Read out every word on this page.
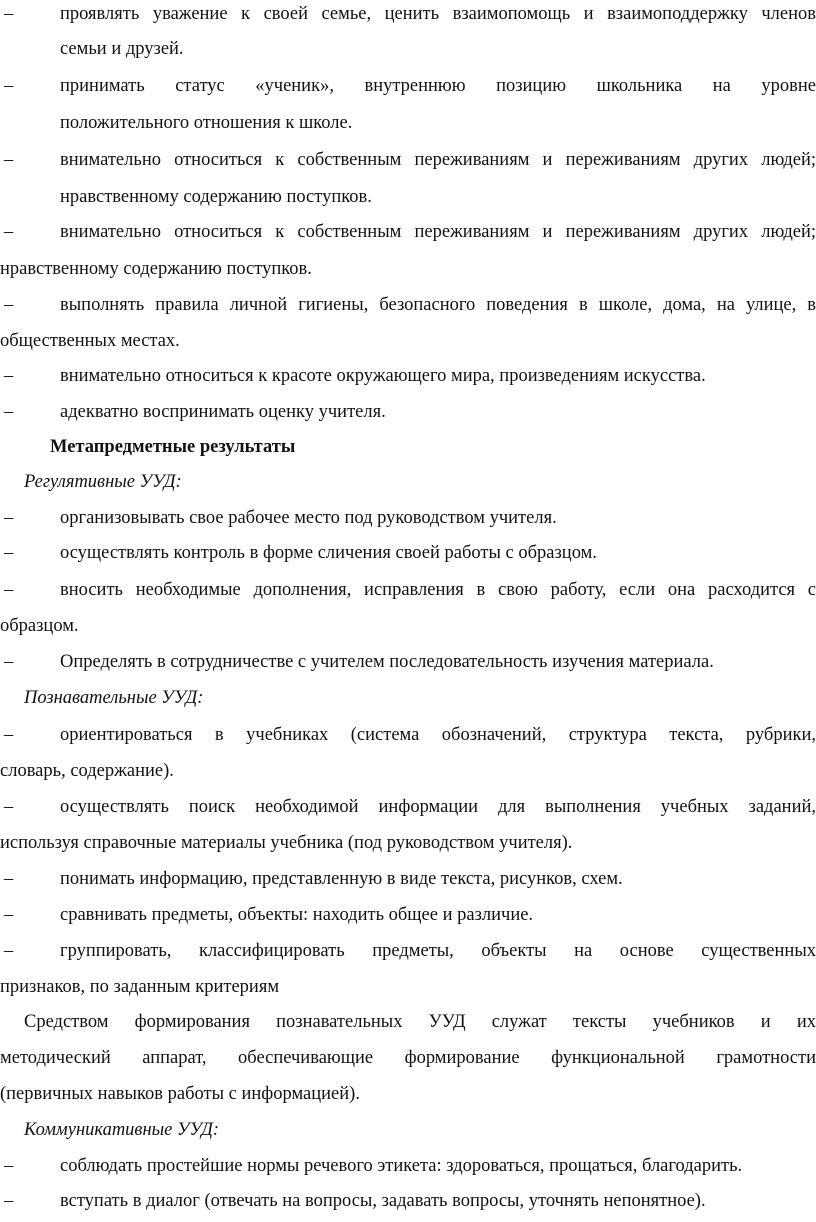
–	проявлять уважение к своей семье, ценить взаимопомощь и взаимоподдержку членов
семьи и друзей.
–	принимать статус «ученик», внутреннюю позицию школьника на уровне
положительного отношения к школе.
–	внимательно относиться к собственным переживаниям и переживаниям других людей;
нравственному содержанию поступков.
–	внимательно относиться к собственным переживаниям и переживаниям других людей;
нравственному содержанию поступков.
–	выполнять правила личной гигиены, безопасного поведения в школе, дома, на улице, в
общественных местах.
–	внимательно относиться к красоте окружающего мира, произведениям искусства.
–	адекватно воспринимать оценку учителя.
Метапредметные результаты
Регулятивные УУД:
–	организовывать свое рабочее место под руководством учителя.
–	осуществлять контроль в форме сличения своей работы с образцом.
–	вносить необходимые дополнения, исправления в свою работу, если она расходится с
образцом.
–	Определять в сотрудничестве с учителем последовательность изучения материала.
Познавательные УУД:
–	ориентироваться в учебниках (система обозначений, структура текста, рубрики,
словарь, содержание).
–	осуществлять поиск необходимой информации для выполнения учебных заданий,
используя справочные материалы учебника (под руководством учителя).
–	понимать информацию, представленную в виде текста, рисунков, схем.
–	сравнивать предметы, объекты: находить общее и различие.
–	группировать, классифицировать предметы, объекты на основе существенных
признаков, по заданным критериям
Средством формирования познавательных УУД служат тексты учебников и их
методический аппарат, обеспечивающие формирование функциональной грамотности
(первичных навыков работы с информацией).
Коммуникативные УУД:
–	соблюдать простейшие нормы речевого этикета: здороваться, прощаться, благодарить.
–	вступать в диалог (отвечать на вопросы, задавать вопросы, уточнять непонятное).
